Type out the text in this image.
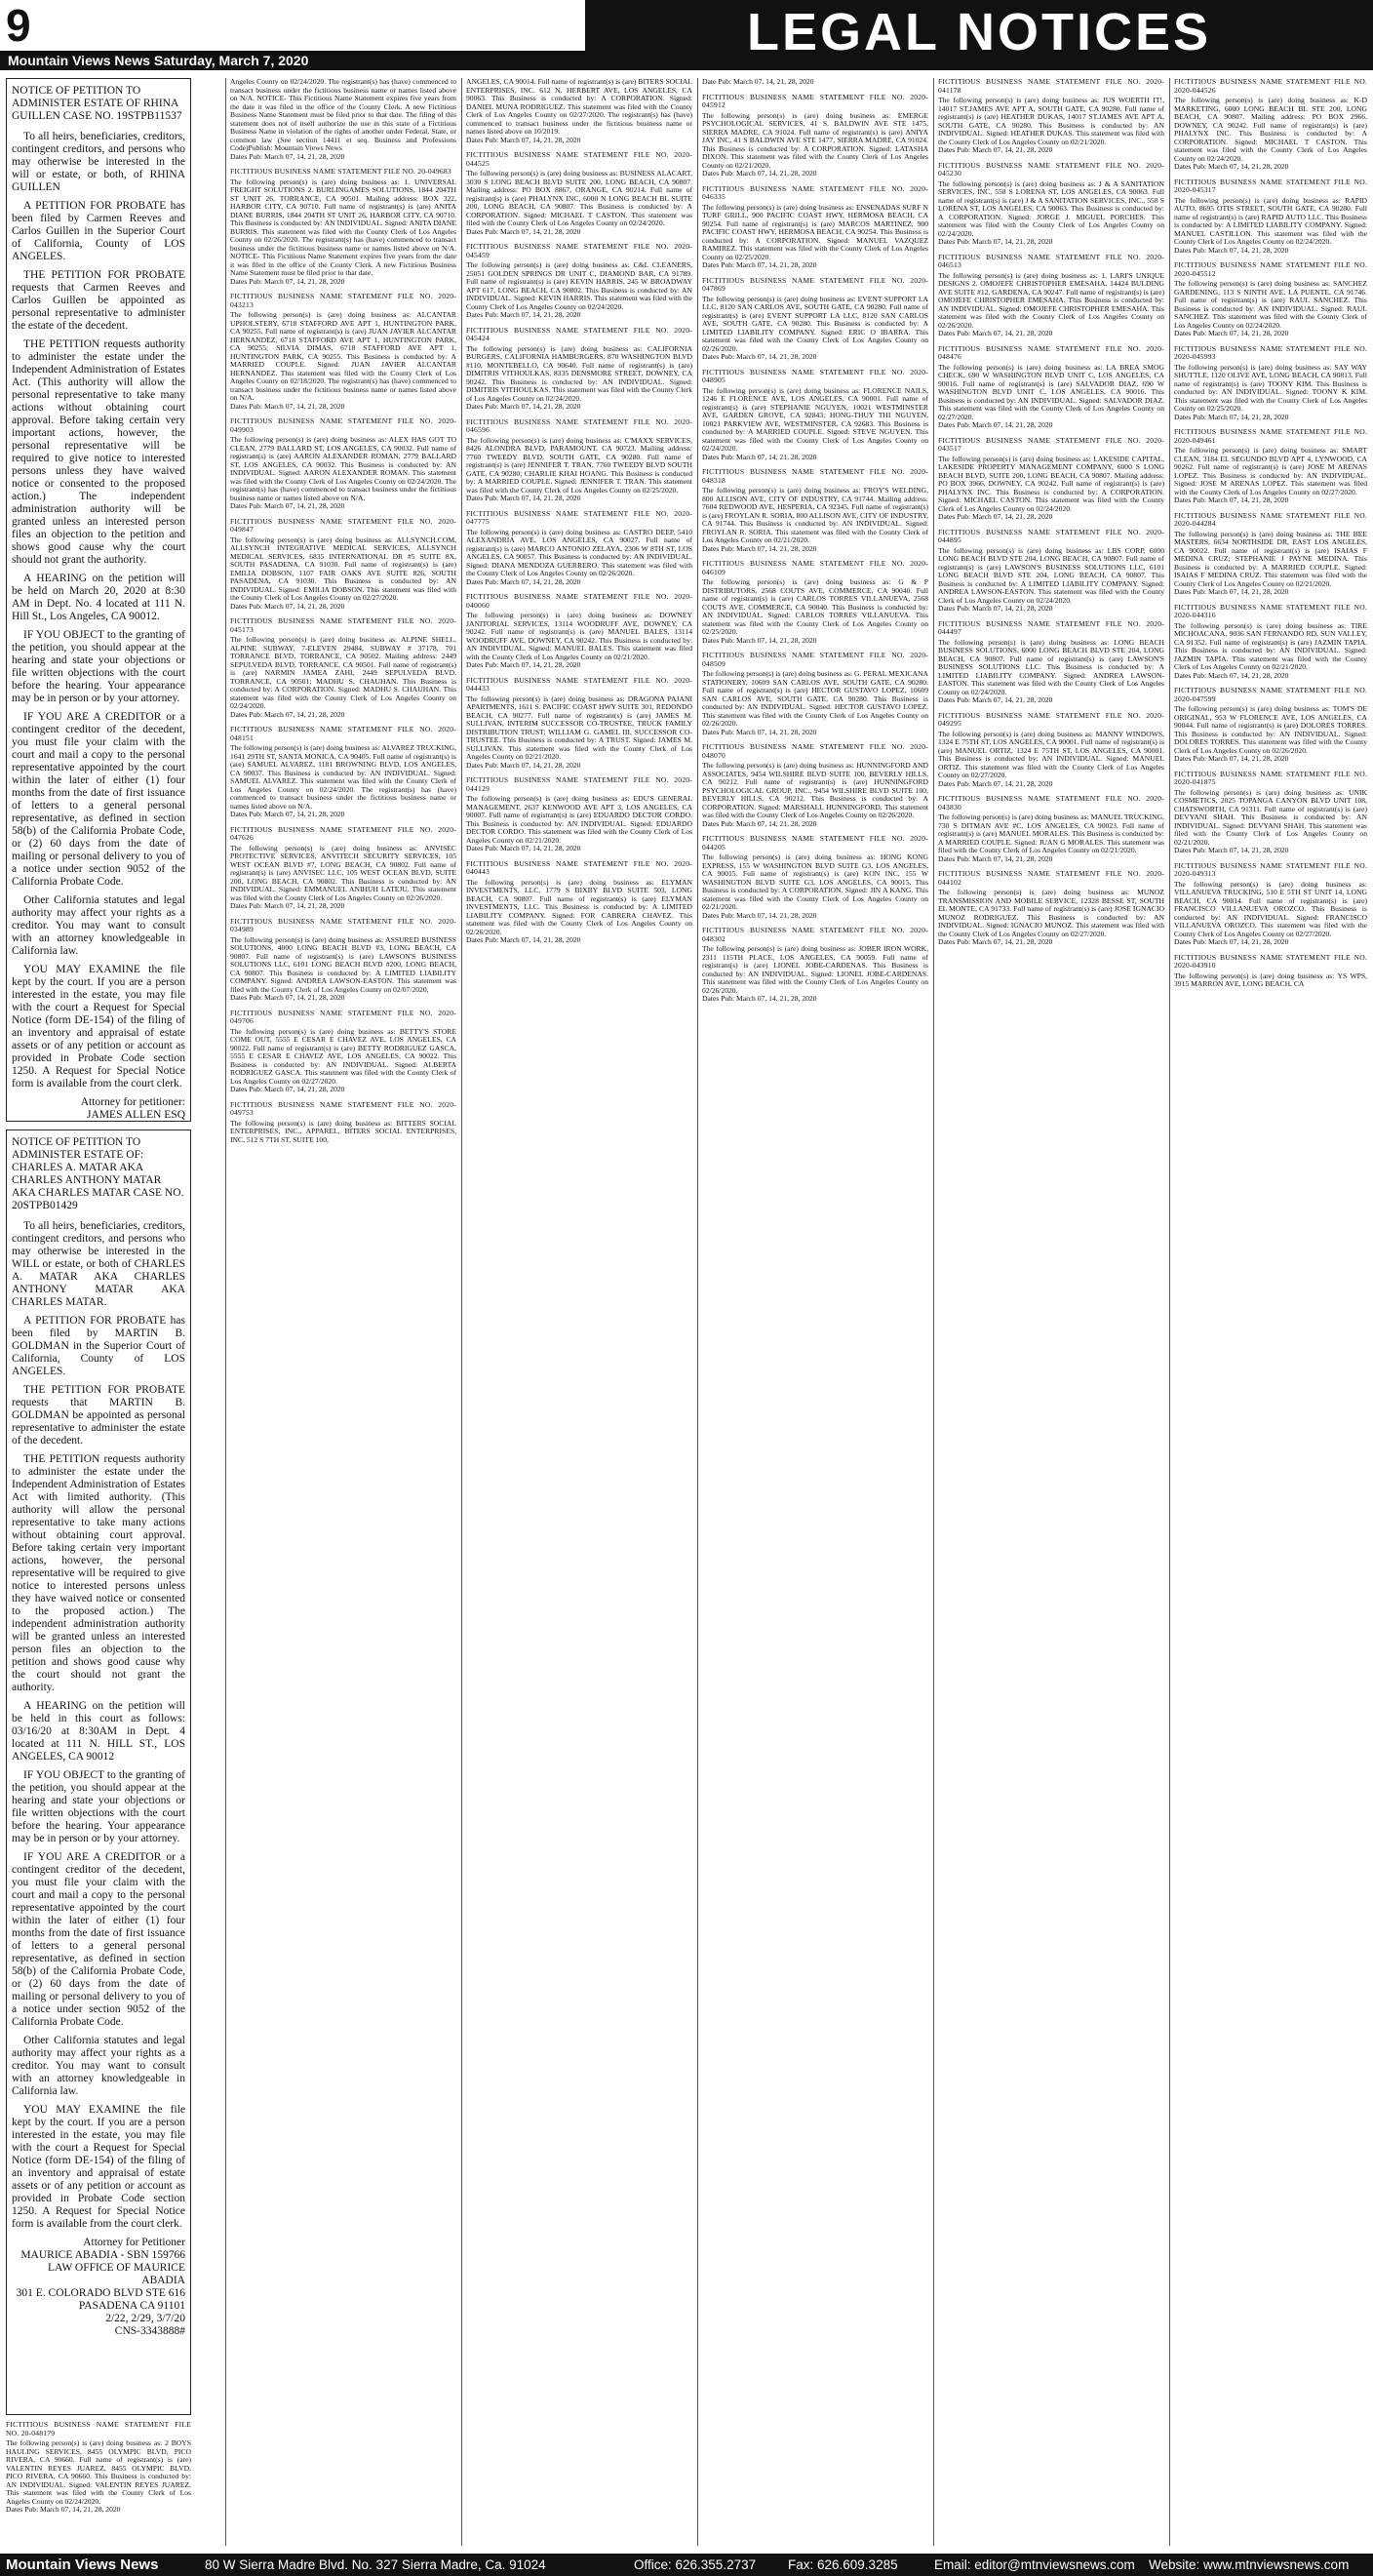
9	LEGAL NOTICES
Mountain Views News Saturday, March 7, 2020
NOTICE OF PETITION TO ADMINISTER ESTATE OF RHINA GUILLEN CASE NO. 19STPB11537

To all heirs, beneficiaries, creditors, contingent creditors, and persons who may otherwise be interested in the will or estate, or both, of RHINA GUILLEN

A PETITION FOR PROBATE has been filed by Carmen Reeves and Carlos Guillen in the Superior Court of California, County of LOS ANGELES.

THE PETITION FOR PROBATE requests that Carmen Reeves and Carlos Guillen be appointed as personal representative to administer the estate of the decedent.

THE PETITION requests authority to administer the estate under the Independent Administration of Estates Act. (This authority will allow the personal representative to take many actions without obtaining court approval. Before taking certain very important actions, however, the personal representative will be required to give notice to interested persons unless they have waived notice or consented to the proposed action.) The independent administration authority will be granted unless an interested person files an objection to the petition and shows good cause why the court should not grant the authority.

A HEARING on the petition will be held on March 20, 2020 at 8:30 AM in Dept. No. 4 located at 111 N. Hill St., Los Angeles, CA 90012.

IF YOU OBJECT to the granting of the petition, you should appear at the hearing and state your objections or file written objections with the court before the hearing. Your appearance may be in person or by your attorney.

IF YOU ARE A CREDITOR or a contingent creditor of the decedent, you must file your claim with the court and mail a copy to the personal representative appointed by the court within the later of either (1) four months from the date of first issuance of letters to a general personal representative, as defined in section 58(b) of the California Probate Code, or (2) 60 days from the date of mailing or personal delivery to you of a notice under section 9052 of the California Probate Code.

Other California statutes and legal authority may affect your rights as a creditor. You may want to consult with an attorney knowledgeable in California law.

YOU MAY EXAMINE the file kept by the court. If you are a person interested in the estate, you may file with the court a Request for Special Notice (form DE-154) of the filing of an inventory and appraisal of estate assets or of any petition or account as provided in Probate Code section 1250. A Request for Special Notice form is available from the court clerk.

Attorney for petitioner:
JAMES ALLEN ESQ
NOTICE OF PETITION TO ADMINISTER ESTATE OF: CHARLES A. MATAR AKA CHARLES ANTHONY MATAR AKA CHARLES MATAR CASE NO. 20STPB01429

To all heirs, beneficiaries, creditors, contingent creditors, and persons who may otherwise be interested in the WILL or estate, or both of CHARLES A. MATAR AKA CHARLES ANTHONY MATAR AKA CHARLES MATAR.

A PETITION FOR PROBATE has been filed by MARTIN B. GOLDMAN in the Superior Court of California, County of LOS ANGELES.

THE PETITION FOR PROBATE requests that MARTIN B. GOLDMAN be appointed as personal representative to administer the estate of the decedent.

THE PETITION requests authority to administer the estate under the Independent Administration of Estates Act with limited authority. (This authority will allow the personal representative to take many actions without obtaining court approval. Before taking certain very important actions, however, the personal representative will be required to give notice to interested persons unless they have waived notice or consented to the proposed action.) The independent administration authority will be granted unless an interested person files an objection to the petition and shows good cause why the court should not grant the authority.

A HEARING on the petition will be held in this court as follows: 03/16/20 at 8:30AM in Dept. 4 located at 111 N. HILL ST., LOS ANGELES, CA 90012

IF YOU OBJECT to the granting of the petition, you should appear at the hearing and state your objections or file written objections with the court before the hearing. Your appearance may be in person or by your attorney.

IF YOU ARE A CREDITOR or a contingent creditor of the decedent, you must file your claim with the court and mail a copy to the personal representative appointed by the court within the later of either (1) four months from the date of first issuance of letters to a general personal representative, as defined in section 58(b) of the California Probate Code, or (2) 60 days from the date of mailing or personal delivery to you of a notice under section 9052 of the California Probate Code.

Other California statutes and legal authority may affect your rights as a creditor. You may want to consult with an attorney knowledgeable in California law.

YOU MAY EXAMINE the file kept by the court. If you are a person interested in the estate, you may file with the court a Request for Special Notice (form DE-154) of the filing of an inventory and appraisal of estate assets or of any petition or account as provided in Probate Code section 1250. A Request for Special Notice form is available from the court clerk.

Attorney for Petitioner
MAURICE ABADIA - SBN 159766
LAW OFFICE OF MAURICE ABADIA
301 E. COLORADO BLVD STE 616
PASADENA CA 91101
2/22, 2/29, 3/7/20
CNS-3343888#
FICTITIOUS BUSINESS NAME STATEMENT FILE NO. 20-048179
The following person(s) is (are) doing business as: 2 BOYS HAULING SERVICES, 8455 OLYMPIC BLVD, PICO RIVERA, CA 90660. Full name of registrant(s) is (are) VALENTIN REYES JUAREZ, 8455 OLYMPIC BLVD, PICO RIVERA, CA 90660. This Business is conducted by: AN INDIVIDUAL. Signed: VALENTIN REYES JUAREZ. This statement was filed with the County Clerk of Los Angeles County on 02/24/2020.
Dates Pub: March 07, 14, 21, 28, 2020
Angeles County on 02/24/2020. The registrant(s) has (have) commenced to transact business under the fictitious business name or names listed above on N/A. NOTICE- This Fictitious Name Statement expires five years from the date it was filed in the office of the County Clerk. A new Fictitious Business Name Statement must be filed prior to that date. The filing of this statement does not of itself authorize the use in this state of a Fictitious Business Name in violation of the rights of another under Federal, State, or common law (See section 14411 et seq. Business and Professions Code)Publish: Mountain Views News
Dates Pub: March 07, 14, 21, 28, 2020
FICTITIOUS BUSINESS NAME STATEMENT FILE NO. 20-049683
The following person(s) is (are) doing business as: 1. UNIVERSAL FREIGHT SOLUTIONS 2. BURLINGAMES SOLUTIONS, 1844 204TH ST UNIT 26, TORRANCE, CA 90501. Mailing address: BOX 322, HARBOR CITY, CA 90710. Full name of registrant(s) is (are) ANITA DIANE BURRIS, 1844 204TH ST UNIT 26, HARBOR CITY, CA 90710. This Business is conducted by: AN INDIVIDUAL. Signed: ANITA DIANE BURRIS. This statement was filed with the County Clerk of Los Angeles County on 02/26/2020. The registrant(s) has (have) commenced to transact business under the fictitious business name or names listed above on N/A. NOTICE- This Fictitious Name Statement expires five years from the date it was filed in the office of the County Clerk. A new Fictitious Business Name Statement must be filed prior to that date.
Dates Pub: March 07, 14, 21, 28, 2020
FICTITIOUS BUSINESS NAME STATEMENT FILE NO. 2020-043213
The following person(s) is (are) doing business as: ALCANTAR UPHOLSTERY, 6718 STAFFORD AVE APT 1, HUNTINGTON PARK, CA 90255. Full name of registrant(s) is (are) JUAN JAVIER ALCANTAR HERNANDEZ, 6718 STAFFORD AVE APT 1, HUNTINGTON PARK, CA 90255; SILVIA DIMAS, 6718 STAFFORD AVE APT 1, HUNTINGTON PARK, CA 90255. This Business is conducted by: A MARRIED COUPLE. Signed: JUAN JAVIER ALCANTAR HERNANDEZ. This statement was filed with the County Clerk of Los Angeles County on 02/18/2020. The registrant(s) has (have) commenced to transact business under the fictitious business name or names listed above on N/A.
Dates Pub: March 07, 14, 21, 28, 2020
FICTITIOUS BUSINESS NAME STATEMENT FILE NO. 2020-049903
The following person(s) is (are) doing business as: ALEX HAS GOT TO CLEAN, 2779 BALLARD ST, LOS ANGELES, CA 90032. Full name of registrant(s) is (are) AARON ALEXANDER ROMAN, 2779 BALLARD ST, LOS ANGELES, CA 90032. This Business is conducted by: AN INDIVIDUAL. Signed: AARON ALEXANDER ROMAN. This statement was filed with the County Clerk of Los Angeles County on 02/24/2020. The registrant(s) has (have) commenced to transact business under the fictitious business name or names listed above on N/A.
Dates Pub: March 07, 14, 21, 28, 2020
FICTITIOUS BUSINESS NAME STATEMENT FILE NO. 2020-049847
The following person(s) is (are) doing business as: ALLSYNCH.COM, ALLSYNCH INTEGRATIVE MEDICAL SERVICES, ALLSYNCH MEDICAL SERVICES, 6835 INTERNATIONAL DR #5 SUITE 8X, SOUTH PASADENA, CA 91030. Full name of registrant(s) is (are) EMILIA DOBSON, 1107 FAIR OAKS AVE SUITE 826, SOUTH PASADENA, CA 91030. This Business is conducted by: AN INDIVIDUAL. Signed: EMILIA DOBSON. This statement was filed with the County Clerk of Los Angeles County on 02/27/2020.
Dates Pub: March 07, 14, 21, 28, 2020
FICTITIOUS BUSINESS NAME STATEMENT FILE NO. 2020-045173
The following person(s) is (are) doing business as: ALPINE SHELL, ALPINE SUBWAY, 7-ELEVEN 29484, SUBWAY # 37178, 701 TORRANCE BLVD, TORRANCE, CA 90502. Mailing address: 2449 SEPULVEDA BLVD, TORRANCE, CA 90501. Full name of registrant(s) is (are) NARMIN JAMEA ZAHI, 2449 SEPULVEDA BLVD, TORRANCE, CA 90501; MADHU S. CHAUHAN. This Business is conducted by: A CORPORATION. Signed: MADHU S. CHAUHAN. This statement was filed with the County Clerk of Los Angeles County on 02/24/2020.
Dates Pub: March 07, 14, 21, 28, 2020
FICTITIOUS BUSINESS NAME STATEMENT FILE NO. 2020-048151
The following person(s) is (are) doing business as: ALVAREZ TRUCKING, 1641 29TH ST, SANTA MONICA, CA 90405. Full name of registrant(s) is (are) SAMUEL ALVAREZ, 1181 BROWNING BLVD, LOS ANGELES, CA 90037. This Business is conducted by: AN INDIVIDUAL. Signed: SAMUEL ALVAREZ. This statement was filed with the County Clerk of Los Angeles County on 02/24/2020. The registrant(s) has (have) commenced to transact business under the fictitious business name or names listed above on N/A.
Dates Pub: March 07, 14, 21, 28, 2020
FICTITIOUS BUSINESS NAME STATEMENT FILE NO. 2020-047626
The following person(s) is (are) doing business as: ANVISEC PROTECTIVE SERVICES, ANVITECH SECURITY SERVICES, 105 WEST OCEAN BLVD #7, LONG BEACH, CA 90802. Full name of registrant(s) is (are) ANVISEC LLC, 105 WEST OCEAN BLVD, SUITE 200, LONG BEACH, CA 90802. This Business is conducted by: AN INDIVIDUAL. Signed: EMMANUEL ANIHUH LATEJU. This statement was filed with the County Clerk of Los Angeles County on 02/26/2020.
Dates Pub: March 07, 14, 21, 28, 2020
FICTITIOUS BUSINESS NAME STATEMENT FILE NO. 2020-034989
The following person(s) is (are) doing business as: ASSURED BUSINESS SOLUTIONS, 4000 LONG BEACH BLVD #3, LONG BEACH, CA 90807. Full name of registrant(s) is (are) LAWSON'S BUSINESS SOLUTIONS LLC, 6101 LONG BEACH BLVD #200, LONG BEACH, CA 90807. This Business is conducted by: A LIMITED LIABILITY COMPANY. Signed: ANDREA LAWSON-EASTON. This statement was filed with the County Clerk of Los Angeles County on 02/07/2020.
Dates Pub: March 07, 14, 21, 28, 2020
FICTITIOUS BUSINESS NAME STATEMENT FILE NO. 2020-049706
The following person(s) is (are) doing business as: BETTY'S STORE COME OUT, 5555 E CESAR E CHAVEZ AVE, LOS ANGELES, CA 90022. Full name of registrant(s) is (are) BETTY RODRIGUEZ GASCA, 5555 E CESAR E CHAVEZ AVE, LOS ANGELES, CA 90022. This Business is conducted by: AN INDIVIDUAL. Signed: ALBERTA RODRIGUEZ GASCA. This statement was filed with the County Clerk of Los Angeles County on 02/27/2020.
Dates Pub: March 07, 14, 21, 28, 2020
FICTITIOUS BUSINESS NAME STATEMENT FILE NO. 2020-049753
The following person(s) is (are) doing business as: BITTERS SOCIAL ENTERPRISES, INC., APPAREL, BITERS SOCIAL ENTERPRISES, INC, 512 S 7TH ST, SUITE 100,
ANGELES, CA 90014. Full name of registrant(s) is (are) BITERS SOCIAL ENTERPRISES, INC. 612 N. HERBERT AVE, LOS ANGELES, CA 90063. This Business is conducted by: A CORPORATION. Signed: DANIEL MUNA RODRIGUEZ. This statement was filed with the County Clerk of Los Angeles County on 02/27/2020. The registrant(s) has (have) commenced to transact business under the fictitious business name or names listed above on 10/2019.
Dates Pub: March 07, 14, 21, 28, 2020
FICTITIOUS BUSINESS NAME STATEMENT FILE NO. 2020-044525
The following person(s) is (are) doing business as: BUSINESS ALACART, 3030 S LONG BEACH BLVD SUITE 200, LONG BEACH, CA 90807. Mailing address: PO BOX 8867, ORANGE, CA 90214. Full name of registrant(s) is (are) PHALYNX INC, 6000 N LONG BEACH BL SUITE 200, LONG BEACH, CA 90807. This Business is conducted by: A CORPORATION. Signed: MICHAEL T CASTON. This statement was filed with the County Clerk of Los Angeles County on 02/24/2020.
Dates Pub: March 07, 14, 21, 28, 2020
FICTITIOUS BUSINESS NAME STATEMENT FILE NO. 2020-045459
The following person(s) is (are) doing business as: C&L CLEANERS, 25051 GOLDEN SPRINGS DR UNIT C, DIAMOND BAR, CA 91789. Full name of registrant(s) is (are) KEVIN HARRIS, 245 W BROADWAY APT 617, LONG BEACH, CA 90802. This Business is conducted by: AN INDIVIDUAL. Signed: KEVIN HARRIS. This statement was filed with the County Clerk of Los Angeles County on 02/24/2020.
Dates Pub: March 07, 14, 21, 28, 2020
FICTITIOUS BUSINESS NAME STATEMENT FILE NO. 2020-045424
The following person(s) is (are) doing business as: CALIFORNIA BURGERS, CALIFORNIA HAMBURGERS, 870 WASHINGTON BLVD #110, MONTEBELLO, CA 90640. Full name of registrant(s) is (are) DIMITRIS VITHOULKAS, 8335 DENSMORE STREET, DOWNEY, CA 90242. This Business is conducted by: AN INDIVIDUAL. Signed: DIMITRIS VITHOULKAS. This statement was filed with the County Clerk of Los Angeles County on 02/24/2020.
Dates Pub: March 07, 14, 21, 28, 2020
FICTITIOUS BUSINESS NAME STATEMENT FILE NO. 2020-046596
The following person(s) is (are) doing business as: C'MAXX SERVICES, 8426 ALONDRA BLVD, PARAMOUNT, CA 90723. Mailing address: 7760 TWEEDY BLVD, SOUTH GATE, CA 90280. Full name of registrant(s) is (are) JENNIFER T. TRAN, 7760 TWEEDY BLVD SOUTH GATE, CA 90280; CHARLIE KHAI HOANG. This Business is conducted by: A MARRIED COUPLE. Signed: JENNIFER T. TRAN. This statement was filed with the County Clerk of Los Angeles County on 02/25/2020.
Dates Pub: March 07, 14, 21, 28, 2020
FICTITIOUS BUSINESS NAME STATEMENT FILE NO. 2020-047775
The following person(s) is (are) doing business as: CASTRO DEEP, 5410 ALEXANDRIA AVE, LOS ANGELES, CA 90027. Full name of registrant(s) is (are) MARCO ANTONIO ZELAYA, 2306 W 8TH ST, LOS ANGELES, CA 90057. This Business is conducted by: AN INDIVIDUAL. Signed: DIANA MENDOZA GUERRERO. This statement was filed with the County Clerk of Los Angeles County on 02/26/2020.
Dates Pub: March 07, 14, 21, 28, 2020
FICTITIOUS BUSINESS NAME STATEMENT FILE NO. 2020-040060
The following person(s) is (are) doing business as: DOWNEY JANITORIAL SERVICES, 13114 WOODRUFF AVE, DOWNEY, CA 90242. Full name of registrant(s) is (are) MANUEL BALES, 13114 WOODRUFF AVE, DOWNEY, CA 90242. This Business is conducted by: AN INDIVIDUAL. Signed: MANUEL BALES. This statement was filed with the County Clerk of Los Angeles County on 02/21/2020.
Dates Pub: March 07, 14, 21, 28, 2020
FICTITIOUS BUSINESS NAME STATEMENT FILE NO. 2020-044433
The following person(s) is (are) doing business as: DRAGONA PAJANI APARTMENTS, 1611 S. PACIFIC COAST HWY SUITE 301, REDONDO BEACH, CA 90277. Full name of registrant(s) is (are) JAMES M. SULLIVAN, INTERIM SUCCESSOR CO-TRUSTEE, TRUCK FAMILY DISTRIBUTION TRUST; WILLIAM G. GAMEL III, SUCCESSOR CO-TRUSTEE. This Business is conducted by: A TRUST. Signed: JAMES M. SULLIVAN. This statement was filed with the County Clerk of Los Angeles County on 02/21/2020.
Dates Pub: March 07, 14, 21, 28, 2020
FICTITIOUS BUSINESS NAME STATEMENT FILE NO. 2020-044129
The following person(s) is (are) doing business as: EDU'S GENERAL MANAGEMENT, 2637 KENWOOD AVE APT 3, LOS ANGELES, CA 90007. Full name of registrant(s) is (are) EDUARDO DECTOR CORDO. This Business is conducted by: AN INDIVIDUAL. Signed: EDUARDO DECTOR CORDO. This statement was filed with the County Clerk of Los Angeles County on 02/21/2020.
Dates Pub: March 07, 14, 21, 28, 2020
FICTITIOUS BUSINESS NAME STATEMENT FILE NO. 2020-040443
The following person(s) is (are) doing business as: ELYMAN INVESTMENTS, LLC, 1779 S BIXBY BLVD SUITE 503, LONG BEACH, CA 90807. Full name of registrant(s) is (are) ELYMAN INVESTMENTS, LLC. This Business is conducted by: A LIMITED LIABILITY COMPANY. Signed: FOR CABRERA CHAVEZ. This statement was filed with the County Clerk of Los Angeles County on 02/26/2020.
Dates Pub: March 07, 14, 21, 28, 2020
Date Pub: March 07, 14, 21, 28, 2020
FICTITIOUS BUSINESS NAME STATEMENT FILE NO. 2020-045912
The following person(s) is (are) doing business as: EMERGE PSYCHOLOGICAL SERVICES, 41 S. BALDWIN AVE STE 1475, SIERRA MADRE, CA 91024. Full name of registrant(s) is (are) ANIYA JAY INC, 41 S BALDWIN AVE STE 1477, SIERRA MADRE, CA 91024. This Business is conducted by: A CORPORATION. Signed: LATASHA DIXON. This statement was filed with the County Clerk of Los Angeles County on 02/21/2020.
Dates Pub: March 07, 14, 21, 28, 2020
FICTITIOUS BUSINESS NAME STATEMENT FILE NO. 2020-046335
The following person(s) is (are) doing business as: ENSENADAS SURF N TURF GRILL, 900 PACIFIC COAST HWY, HERMOSA BEACH, CA 90254. Full name of registrant(s) is (are) MARCOS MARTINEZ, 900 PACIFIC COAST HWY, HERMOSA BEACH, CA 90254. This Business is conducted by: A CORPORATION. Signed: MANUEL VAZQUEZ RAMIREZ. This statement was filed with the County Clerk of Los Angeles County on 02/25/2020.
Dates Pub: March 07, 14, 21, 28, 2020
FICTITIOUS BUSINESS NAME STATEMENT FILE NO. 2020-047869
The following person(s) is (are) doing business as: EVENT SUPPORT LA LLC, 8120 SAN CARLOS AVE, SOUTH GATE, CA 90280. Full name of registrant(s) is (are) EVENT SUPPORT LA LLC, 8120 SAN CARLOS AVE, SOUTH GATE, CA 90280. This Business is conducted by: A LIMITED LIABILITY COMPANY. Signed: ERIC O IBARRA. This statement was filed with the County Clerk of Los Angeles County on 02/26/2020.
Dates Pub: March 07, 14, 21, 28, 2020
FICTITIOUS BUSINESS NAME STATEMENT FILE NO. 2020-048905
The following person(s) is (are) doing business as: FLORENCE NAILS, 1246 E FLORENCE AVE, LOS ANGELES, CA 90001. Full name of registrant(s) is (are) STEPHANIE NGUYEN, 10021 WESTMINSTER AVE, GARDEN GROVE, CA 92843; HONG-THUY THI NGUYEN, 10021 PARKVIEW AVE, WESTMINSTER, CA 92683. This Business is conducted by: A MARRIED COUPLE. Signed: STEVE NGUYEN. This statement was filed with the County Clerk of Los Angeles County on 02/24/2020.
Dates Pub: March 07, 14, 21, 28, 2020
FICTITIOUS BUSINESS NAME STATEMENT FILE NO. 2020-048318
The following person(s) is (are) doing business as: FROY'S WELDING, 800 ALLISON AVE, CITY OF INDUSTRY, CA 91744. Mailing address: 7604 REDWOOD AVE, HESPERIA, CA 92345. Full name of registrant(s) is (are) FROYLAN R. SORIA, 800 ALLISON AVE, CITY OF INDUSTRY, CA 91744. This Business is conducted by: AN INDIVIDUAL. Signed: FROYLAN R. SORIA. This statement was filed with the County Clerk of Los Angeles County on 02/21/2020.
Dates Pub: March 07, 14, 21, 28, 2020
FICTITIOUS BUSINESS NAME STATEMENT FILE NO. 2020-046109
The following person(s) is (are) doing business as: G & P DISTRIBUTORS, 2568 COUTS AVE, COMMERCE, CA 90040. Full name of registrant(s) is (are) CARLOS TORRES VILLANUEVA, 2568 COUTS AVE, COMMERCE, CA 90040. This Business is conducted by: AN INDIVIDUAL. Signed: CARLOS TORRES VILLANUEVA. This statement was filed with the County Clerk of Los Angeles County on 02/25/2020.
Dates Pub: March 07, 14, 21, 28, 2020
FICTITIOUS BUSINESS NAME STATEMENT FILE NO. 2020-048509
The following person(s) is (are) doing business as: G. PERAL MEXICANA STATIONERY, 10609 SAN CARLOS AVE, SOUTH GATE, CA 90280. Full name of registrant(s) is (are) HECTOR GUSTAVO LOPEZ, 10609 SAN CARLOS AVE, SOUTH GATE, CA 90280. This Business is conducted by: AN INDIVIDUAL. Signed: HECTOR GUSTAVO LOPEZ. This statement was filed with the County Clerk of Los Angeles County on 02/26/2020.
Dates Pub: March 07, 14, 21, 28, 2020
FICTITIOUS BUSINESS NAME STATEMENT FILE NO. 2020-048070
The following person(s) is (are) doing business as: HUNNINGFORD AND ASSOCIATES, 9454 WILSHIRE BLVD SUITE 100, BEVERLY HILLS, CA 90212. Full name of registrant(s) is (are) HUNNINGFORD PSYCHOLOGICAL GROUP, INC., 9454 WILSHIRE BLVD SUITE 100, BEVERLY HILLS, CA 90212. This Business is conducted by: A CORPORATION. Signed: MARSHALL HUNNINGFORD. This statement was filed with the County Clerk of Los Angeles County on 02/26/2020.
Dates Pub: March 07, 14, 21, 28, 2020
FICTITIOUS BUSINESS NAME STATEMENT FILE NO. 2020-044205
The following person(s) is (are) doing business as: HONG KONG EXPRESS, 155 W WASHINGTON BLVD SUITE G3, LOS ANGELES, CA 90015. Full name of registrant(s) is (are) KON INC, 155 W WASHINGTON BLVD SUITE G3, LOS ANGELES, CA 90015. This Business is conducted by: A CORPORATION. Signed: JIN A KANG. This statement was filed with the County Clerk of Los Angeles County on 02/21/2020.
Dates Pub: March 07, 14, 21, 28, 2020
FICTITIOUS BUSINESS NAME STATEMENT FILE NO. 2020-048302
The following person(s) is (are) doing business as: JOBER IRON WORK, 2311 115TH PLACE, LOS ANGELES, CA 90059. Full name of registrant(s) is (are) LIONEL JOBE-CARDENAS. This Business is conducted by: AN INDIVIDUAL. Signed: LIONEL JOBE-CARDENAS. This statement was filed with the County Clerk of Los Angeles County on 02/26/2020.
Dates Pub: March 07, 14, 21, 28, 2020
FICTITIOUS BUSINESS NAME STATEMENT FILE NO. 2020-041178
The following person(s) is (are) doing business as: JUS WOERTH IT!, 14017 ST.JAMES AVE APT A, SOUTH GATE, CA 90280. Full name of registrant(s) is (are) HEATHER DUKAS, 14017 ST.JAMES AVE APT A, SOUTH GATE, CA 90280. This Business is conducted by: AN INDIVIDUAL. Signed: HEATHER DUKAS. This statement was filed with the County Clerk of Los Angeles County on 02/21/2020.
Dates Pub: March 07, 14, 21, 28, 2020
FICTITIOUS BUSINESS NAME STATEMENT FILE NO. 2020-045230
The following person(s) is (are) doing business as: J & A SANITATION SERVICES, INC, 558 S LORENA ST, LOS ANGELES, CA 90063. Full name of registrant(s) is (are) J & A SANITATION SERVICES, INC., 558 S LORENA ST, LOS ANGELES, CA 90063. This Business is conducted by: A CORPORATION. Signed: JORGE J. MIGUEL PORCHES. This statement was filed with the County Clerk of Los Angeles County on 02/24/2020.
Dates Pub: March 07, 14, 21, 28, 2020
FICTITIOUS BUSINESS NAME STATEMENT FILE NO. 2020-046513
The following person(s) is (are) doing business as: 1. LARI'S UNIQUE DESIGNS 2. OMOJEFE CHRISTOPHER EMESAHA, 14424 BULDING AVE SUITE #12, GARDENA, CA 90247. Full name of registrant(s) is (are) OMOJEFE CHRISTOPHER EMESAHA. This Business is conducted by: AN INDIVIDUAL. Signed: OMOJEFE CHRISTOPHER EMESAHA. This statement was filed with the County Clerk of Los Angeles County on 02/26/2020.
Dates Pub: March 07, 14, 21, 28, 2020
FICTITIOUS BUSINESS NAME STATEMENT FILE NO. 2020-048476
The following person(s) is (are) doing business as: LA BREA SMOG CHECK, 690 W WASHINGTON BLVD UNIT C, LOS ANGELES, CA 90016. Full name of registrant(s) is (are) SALVADOR DIAZ, 690 W WASHINGTON BLVD UNIT C, LOS ANGELES, CA 90016. This Business is conducted by: AN INDIVIDUAL. Signed: SALVADOR DIAZ. This statement was filed with the County Clerk of Los Angeles County on 02/27/2020.
Dates Pub: March 07, 14, 21, 28, 2020
FICTITIOUS BUSINESS NAME STATEMENT FILE NO. 2020-043517
The following person(s) is (are) doing business as: LAKESIDE CAPITAL, LAKESIDE PROPERTY MANAGEMENT COMPANY, 6000 S LONG BEACH BLVD, SUITE 200, LONG BEACH, CA 90807. Mailing address: PO BOX 3966, DOWNEY, CA 90242. Full name of registrant(s) is (are) PHALYNX INC. This Business is conducted by: A CORPORATION. Signed: MICHAEL CASTON. This statement was filed with the County Clerk of Los Angeles County on 02/24/2020.
Dates Pub: March 07, 14, 21, 28, 2020
FICTITIOUS BUSINESS NAME STATEMENT FILE NO. 2020-044895
The following person(s) is (are) doing business as: LBS CORP, 6000 LONG BEACH BLVD STE 204, LONG BEACH, CA 90807. Full name of registrant(s) is (are) LAWSON'S BUSINESS SOLUTIONS LLC, 6101 LONG BEACH BLVD STE 204, LONG BEACH, CA 90807. This Business is conducted by: A LIMITED LIABILITY COMPANY. Signed: ANDREA LAWSON-EASTON. This statement was filed with the County Clerk of Los Angeles County on 02/24/2020.
Dates Pub: March 07, 14, 21, 28, 2020
FICTITIOUS BUSINESS NAME STATEMENT FILE NO. 2020-044497
The following person(s) is (are) doing business as: LONG BEACH BUSINESS SOLUTIONS, 6000 LONG BEACH BLVD STE 204, LONG BEACH, CA 90807. Full name of registrant(s) is (are) LAWSON'S BUSINESS SOLUTIONS LLC. This Business is conducted by: A LIMITED LIABILITY COMPANY. Signed: ANDREA LAWSON-EASTON. This statement was filed with the County Clerk of Los Angeles County on 02/24/2020.
Dates Pub: March 07, 14, 21, 28, 2020
FICTITIOUS BUSINESS NAME STATEMENT FILE NO. 2020-049295
The following person(s) is (are) doing business as: MANNY WINDOWS, 1324 E 75TH ST, LOS ANGELES, CA 90001. Full name of registrant(s) is (are) MANUEL ORTIZ, 1324 E 75TH ST, LOS ANGELES, CA 90001. This Business is conducted by: AN INDIVIDUAL. Signed: MANUEL ORTIZ. This statement was filed with the County Clerk of Los Angeles County on 02/27/2020.
Dates Pub: March 07, 14, 21, 28, 2020
FICTITIOUS BUSINESS NAME STATEMENT FILE NO. 2020-043830
The following person(s) is (are) doing business as: MANUEL TRUCKING, 730 S DITMAN AVE #C, LOS ANGELES, CA 90023. Full name of registrant(s) is (are) MANUEL MORALES. This Business is conducted by: A MARRIED COUPLE. Signed: JUAN G MORALES. This statement was filed with the County Clerk of Los Angeles County on 02/21/2020.
Dates Pub: March 07, 14, 21, 28, 2020
FICTITIOUS BUSINESS NAME STATEMENT FILE NO. 2020-044102
The following person(s) is (are) doing business as: MUNOZ TRANSMISSION AND MOBILE SERVICE, 12328 BESSE ST, SOUTH EL MONTE, CA 91733. Full name of registrant(s) is (are) JOSE IGNACIO MUNOZ RODRIGUEZ. This Business is conducted by: AN INDIVIDUAL. Signed: IGNACIO MUNOZ. This statement was filed with the County Clerk of Los Angeles County on 02/27/2020.
Dates Pub: March 07, 14, 21, 28, 2020
FICTITIOUS BUSINESS NAME STATEMENT FILE NO. 2020-044526
The following person(s) is (are) doing business as: K-D MARKETING, 6000 LONG BEACH BL STE 200, LONG BEACH, CA 90807. Mailing address: PO BOX 2966, DOWNEY, CA 90242. Full name of registrant(s) is (are) PHALYNX INC. This Business is conducted by: A CORPORATION. Signed: MICHAEL T CASTON. This statement was filed with the County Clerk of Los Angeles County on 02/24/2020.
Dates Pub: March 07, 14, 21, 28, 2020
FICTITIOUS BUSINESS NAME STATEMENT FILE NO. 2020-045317
The following person(s) is (are) doing business as: RAPID AUTO, 8695 OTIS STREET, SOUTH GATE, CA 90280. Full name of registrant(s) is (are) RAPID AUTO LLC. This Business is conducted by: A LIMITED LIABILITY COMPANY. Signed: MANUEL CASTILLON. This statement was filed with the County Clerk of Los Angeles County on 02/24/2020.
Dates Pub: March 07, 14, 21, 28, 2020
FICTITIOUS BUSINESS NAME STATEMENT FILE NO. 2020-045512
The following person(s) is (are) doing business as: SANCHEZ GARDENING, 113 S NINTH AVE, LA PUENTE, CA 91746. Full name of registrant(s) is (are) RAUL SANCHEZ. This Business is conducted by: AN INDIVIDUAL. Signed: RAUL SANCHEZ. This statement was filed with the County Clerk of Los Angeles County on 02/24/2020.
Dates Pub: March 07, 14, 21, 28, 2020
FICTITIOUS BUSINESS NAME STATEMENT FILE NO. 2020-045993
The following person(s) is (are) doing business as: SAY WAY SHUTTLE, 1120 OLIVE AVE, LONG BEACH, CA 90813. Full name of registrant(s) is (are) TOONY KIM. This Business is conducted by: AN INDIVIDUAL. Signed: TOONY K KIM. This statement was filed with the County Clerk of Los Angeles County on 02/25/2020.
Dates Pub: March 07, 14, 21, 28, 2020
FICTITIOUS BUSINESS NAME STATEMENT FILE NO. 2020-049461
The following person(s) is (are) doing business as: SMART CLEAN, 3184 EL SEGUNDO BLVD APT 4, LYNWOOD, CA 90262. Full name of registrant(s) is (are) JOSE M ARENAS LOPEZ. This Business is conducted by: AN INDIVIDUAL. Signed: JOSE M ARENAS LOPEZ. This statement was filed with the County Clerk of Los Angeles County on 02/27/2020.
Dates Pub: March 07, 14, 21, 28, 2020
FICTITIOUS BUSINESS NAME STATEMENT FILE NO. 2020-044284
The following person(s) is (are) doing business as: THE BEE MASTERS, 6634 NORTHSIDE DR, EAST LOS ANGELES, CA 90022. Full name of registrant(s) is (are) ISAIAS F MEDINA CRUZ; STEPHANIE J PAYNE MEDINA. This Business is conducted by: A MARRIED COUPLE. Signed: ISAIAS F MEDINA CRUZ. This statement was filed with the County Clerk of Los Angeles County on 02/21/2020.
Dates Pub: March 07, 14, 21, 28, 2020
FICTITIOUS BUSINESS NAME STATEMENT FILE NO. 2020-044316
The following person(s) is (are) doing business as: TIRE MICHOACANA, 9036 SAN FERNANDO RD, SUN VALLEY, CA 91352. Full name of registrant(s) is (are) JAZMIN TAPIA. This Business is conducted by: AN INDIVIDUAL. Signed: JAZMIN TAPIA. This statement was filed with the County Clerk of Los Angeles County on 02/21/2020.
Dates Pub: March 07, 14, 21, 28, 2020
FICTITIOUS BUSINESS NAME STATEMENT FILE NO. 2020-047599
The following person(s) is (are) doing business as: TOM'S DE ORIGINAL, 953 W FLORENCE AVE, LOS ANGELES, CA 90044. Full name of registrant(s) is (are) DOLORES TORRES. This Business is conducted by: AN INDIVIDUAL. Signed: DOLORES TORRES. This statement was filed with the County Clerk of Los Angeles County on 02/26/2020.
Dates Pub: March 07, 14, 21, 28, 2020
FICTITIOUS BUSINESS NAME STATEMENT FILE NO. 2020-041875
The following person(s) is (are) doing business as: UNIK COSMETICS, 2025 TOPANGA CANYON BLVD UNIT 108, CHATSWORTH, CA 91311. Full name of registrant(s) is (are) DEVYANI SHAH. This Business is conducted by: AN INDIVIDUAL. Signed: DEVYANI SHAH. This statement was filed with the County Clerk of Los Angeles County on 02/21/2020.
Dates Pub: March 07, 14, 21, 28, 2020
FICTITIOUS BUSINESS NAME STATEMENT FILE NO. 2020-049313
The following person(s) is (are) doing business as: VILLANUEVA TRUCKING, 510 E 5TH ST UNIT 14, LONG BEACH, CA 90814. Full name of registrant(s) is (are) FRANCISCO VILLANUEVA OROZCO. This Business is conducted by: AN INDIVIDUAL. Signed: FRANCISCO VILLANUEVA OROZCO. This statement was filed with the County Clerk of Los Angeles County on 02/27/2020.
Dates Pub: March 07, 14, 21, 28, 2020
FICTITIOUS BUSINESS NAME STATEMENT FILE NO. 2020-043910
The following person(s) is (are) doing business as: YS WPS, 3915 MARRON AVE, LONG BEACH, CA
Mountain Views News	80 W Sierra Madre Blvd. No. 327 Sierra Madre, Ca. 91024	Office: 626.355.2737 Fax: 626.609.3285	Email: editor@mtnviewsnews.com Website: www.mtnviewsnews.com
